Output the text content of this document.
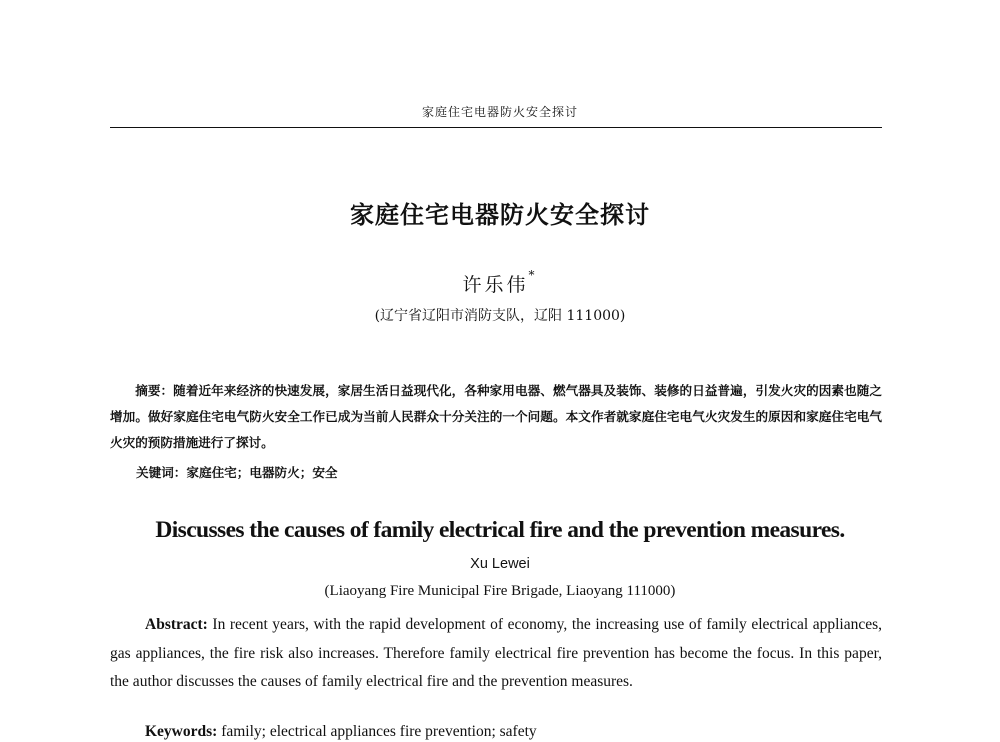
家庭住宅电器防火安全探讨
家庭住宅电器防火安全探讨
许乐伟*
(辽宁省辽阳市消防支队，辽阳 111000)
摘要：随着近年来经济的快速发展，家居生活日益现代化，各种家用电器、燃气器具及装饰、装修的日益普遍，引发火灾的因素也随之增加。做好家庭住宅电气防火安全工作已成为当前人民群众十分关注的一个问题。本文作者就家庭住宅电气火灾发生的原因和家庭住宅电气火灾的预防措施进行了探讨。
关键词：家庭住宅；电器防火；安全
Discusses the causes of family electrical fire and the prevention measures.
Xu Lewei
(Liaoyang Fire Municipal Fire Brigade, Liaoyang 111000)
Abstract: In recent years, with the rapid development of economy, the increasing use of family electrical appliances, gas appliances, the fire risk also increases. Therefore family electrical fire prevention has become the focus. In this paper, the author discusses the causes of family electrical fire and the prevention measures.
Keywords: family; electrical appliances fire prevention; safety
